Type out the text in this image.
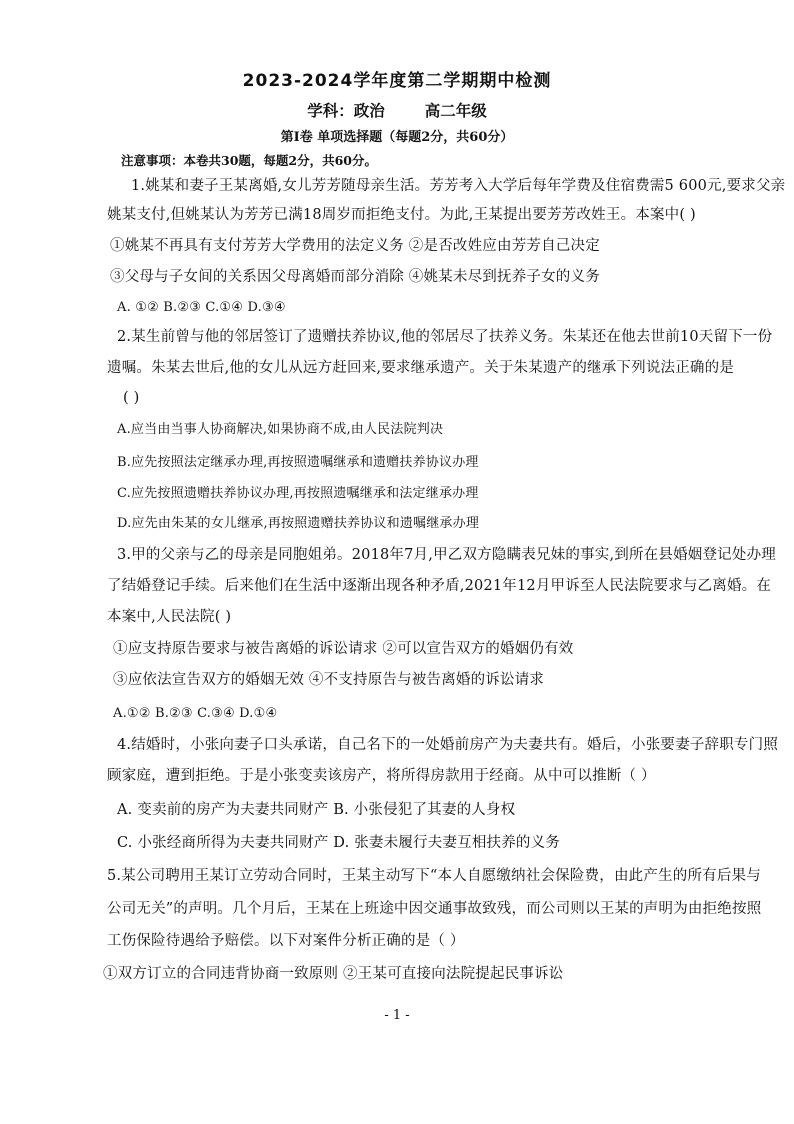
2023-2024学年度第二学期期中检测
学科：政治	高二年级
第Ⅰ卷 单项选择题（每题2分，共60分）
注意事项：本卷共30题，每题2分，共60分。
1.姚某和妻子王某离婚,女儿芳芳随母亲生活。芳芳考入大学后每年学费及住宿费需5 600元,要求父亲
姚某支付,但姚某认为芳芳已满18周岁而拒绝支付。为此,王某提出要芳芳改姓王。本案中( )
①姚某不再具有支付芳芳大学费用的法定义务 ②是否改姓应由芳芳自己决定
③父母与子女间的关系因父母离婚而部分消除 ④姚某未尽到抚养子女的义务
A. ①② B.②③ C.①④ D.③④
2.某生前曾与他的邻居签订了遗赠扶养协议,他的邻居尽了扶养义务。朱某还在他去世前10天留下一份
遗嘱。朱某去世后,他的女儿从远方赶回来,要求继承遗产。关于朱某遗产的继承下列说法正确的是
( )
A.应当由当事人协商解决,如果协商不成,由人民法院判决
B.应先按照法定继承办理,再按照遗嘱继承和遗赠扶养协议办理
C.应先按照遗赠扶养协议办理,再按照遗嘱继承和法定继承办理
D.应先由朱某的女儿继承,再按照遗赠扶养协议和遗嘱继承办理
3.甲的父亲与乙的母亲是同胞姐弟。2018年7月,甲乙双方隐瞒表兄妹的事实,到所在县婚姻登记处办理
了结婚登记手续。后来他们在生活中逐渐出现各种矛盾,2021年12月甲诉至人民法院要求与乙离婚。在
本案中,人民法院( )
①应支持原告要求与被告离婚的诉讼请求 ②可以宣告双方的婚姻仍有效
③应依法宣告双方的婚姻无效 ④不支持原告与被告离婚的诉讼请求
A.①② B.②③ C.③④ D.①④
4.结婚时，小张向妻子口头承诺，自己名下的一处婚前房产为夫妻共有。婚后，小张要妻子辞职专门照
顾家庭，遭到拒绝。于是小张变卖该房产，将所得房款用于经商。从中可以推断（ ）
A. 变卖前的房产为夫妻共同财产 B. 小张侵犯了其妻的人身权
C. 小张经商所得为夫妻共同财产 D. 张妻未履行夫妻互相扶养的义务
5.某公司聘用王某订立劳动合同时，王某主动写下“本人自愿缴纳社会保险费，由此产生的所有后果与
公司无关”的声明。几个月后，王某在上班途中因交通事故致残，而公司则以王某的声明为由拒绝按照
工伤保险待遇给予赔偿。以下对案件分析正确的是（ ）
①双方订立的合同违背协商一致原则 ②王某可直接向法院提起民事诉讼
- 1 -
